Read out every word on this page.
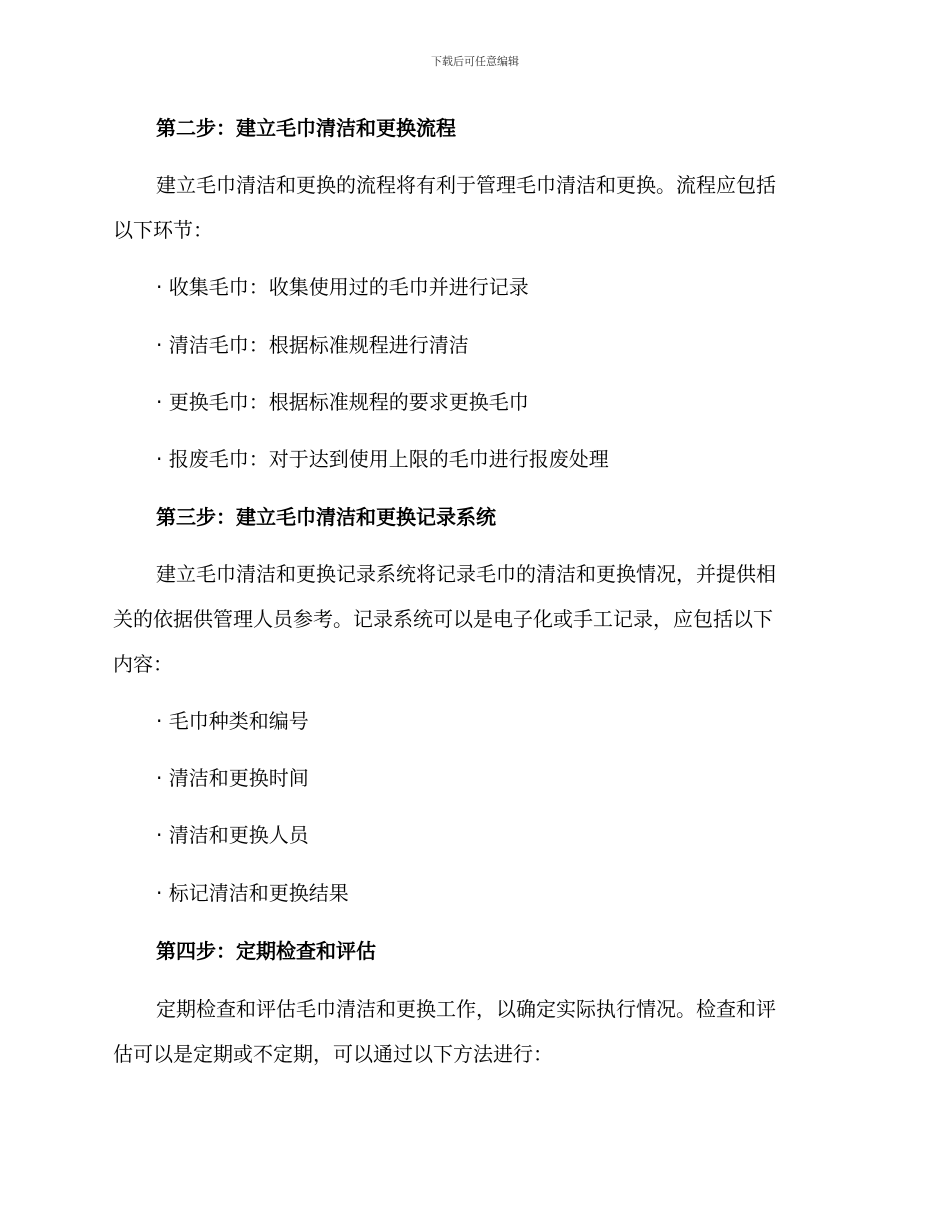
下载后可任意编辑
第二步：建立毛巾清洁和更换流程
建立毛巾清洁和更换的流程将有利于管理毛巾清洁和更换。流程应包括
以下环节：
· 收集毛巾：收集使用过的毛巾并进行记录
· 清洁毛巾：根据标准规程进行清洁
· 更换毛巾：根据标准规程的要求更换毛巾
· 报废毛巾：对于达到使用上限的毛巾进行报废处理
第三步：建立毛巾清洁和更换记录系统
建立毛巾清洁和更换记录系统将记录毛巾的清洁和更换情况，并提供相
关的依据供管理人员参考。记录系统可以是电子化或手工记录，应包括以下
内容：
· 毛巾种类和编号
· 清洁和更换时间
· 清洁和更换人员
· 标记清洁和更换结果
第四步：定期检查和评估
定期检查和评估毛巾清洁和更换工作，以确定实际执行情况。检查和评
估可以是定期或不定期，可以通过以下方法进行：
